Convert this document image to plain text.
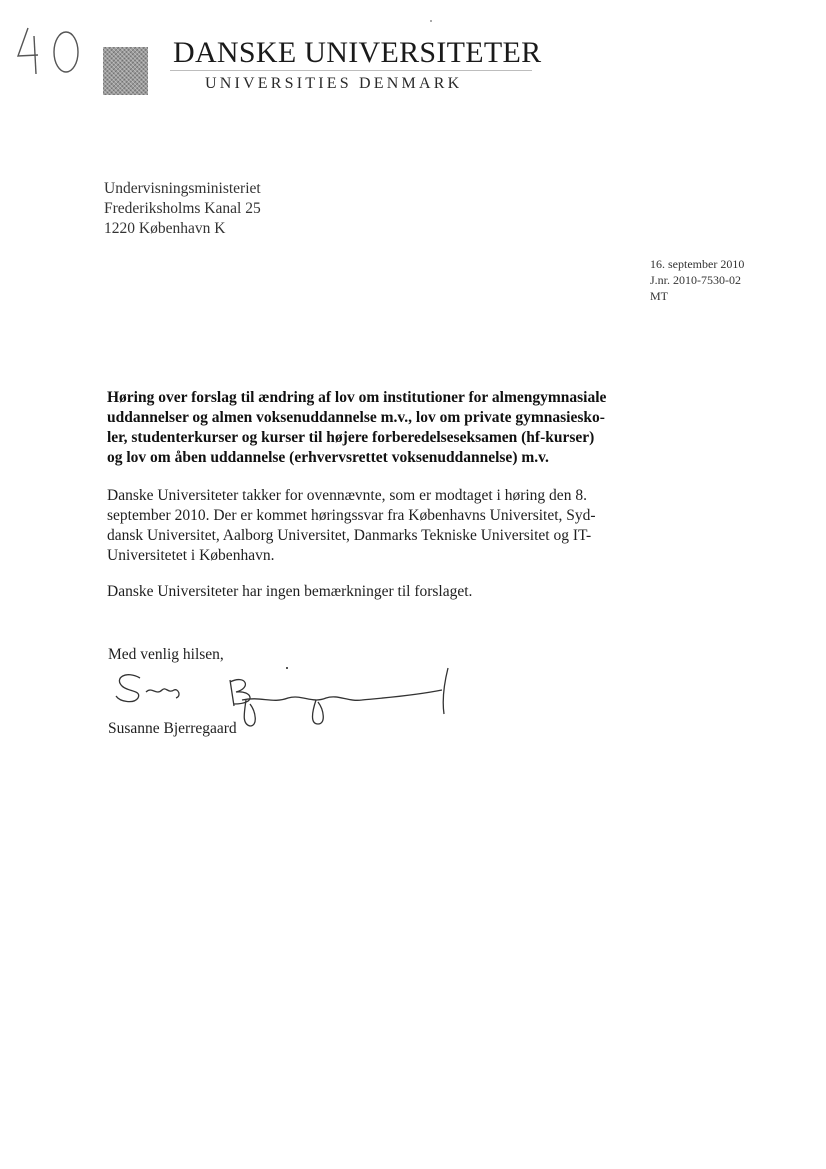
DANSKE UNIVERSITETER
UNIVERSITIES DENMARK
Undervisningsministeriet
Frederiksholms Kanal 25
1220 København K
16. september 2010
J.nr. 2010-7530-02
MT
Høring over forslag til ændring af lov om institutioner for almengymnasiale
uddannelser og almen voksenuddannelse m.v., lov om private gymnasiesko-
ler, studenterkurser og kurser til højere forberedelseseksamen (hf-kurser)
og lov om åben uddannelse (erhvervsrettet voksenuddannelse) m.v.
Danske Universiteter takker for ovennævnte, som er modtaget i høring den 8.
september 2010. Der er kommet høringssvar fra Københavns Universitet, Syd-
dansk Universitet, Aalborg Universitet, Danmarks Tekniske Universitet og IT-
Universitetet i København.
Danske Universiteter har ingen bemærkninger til forslaget.
Med venlig hilsen,
Susanne Bjerregaard
